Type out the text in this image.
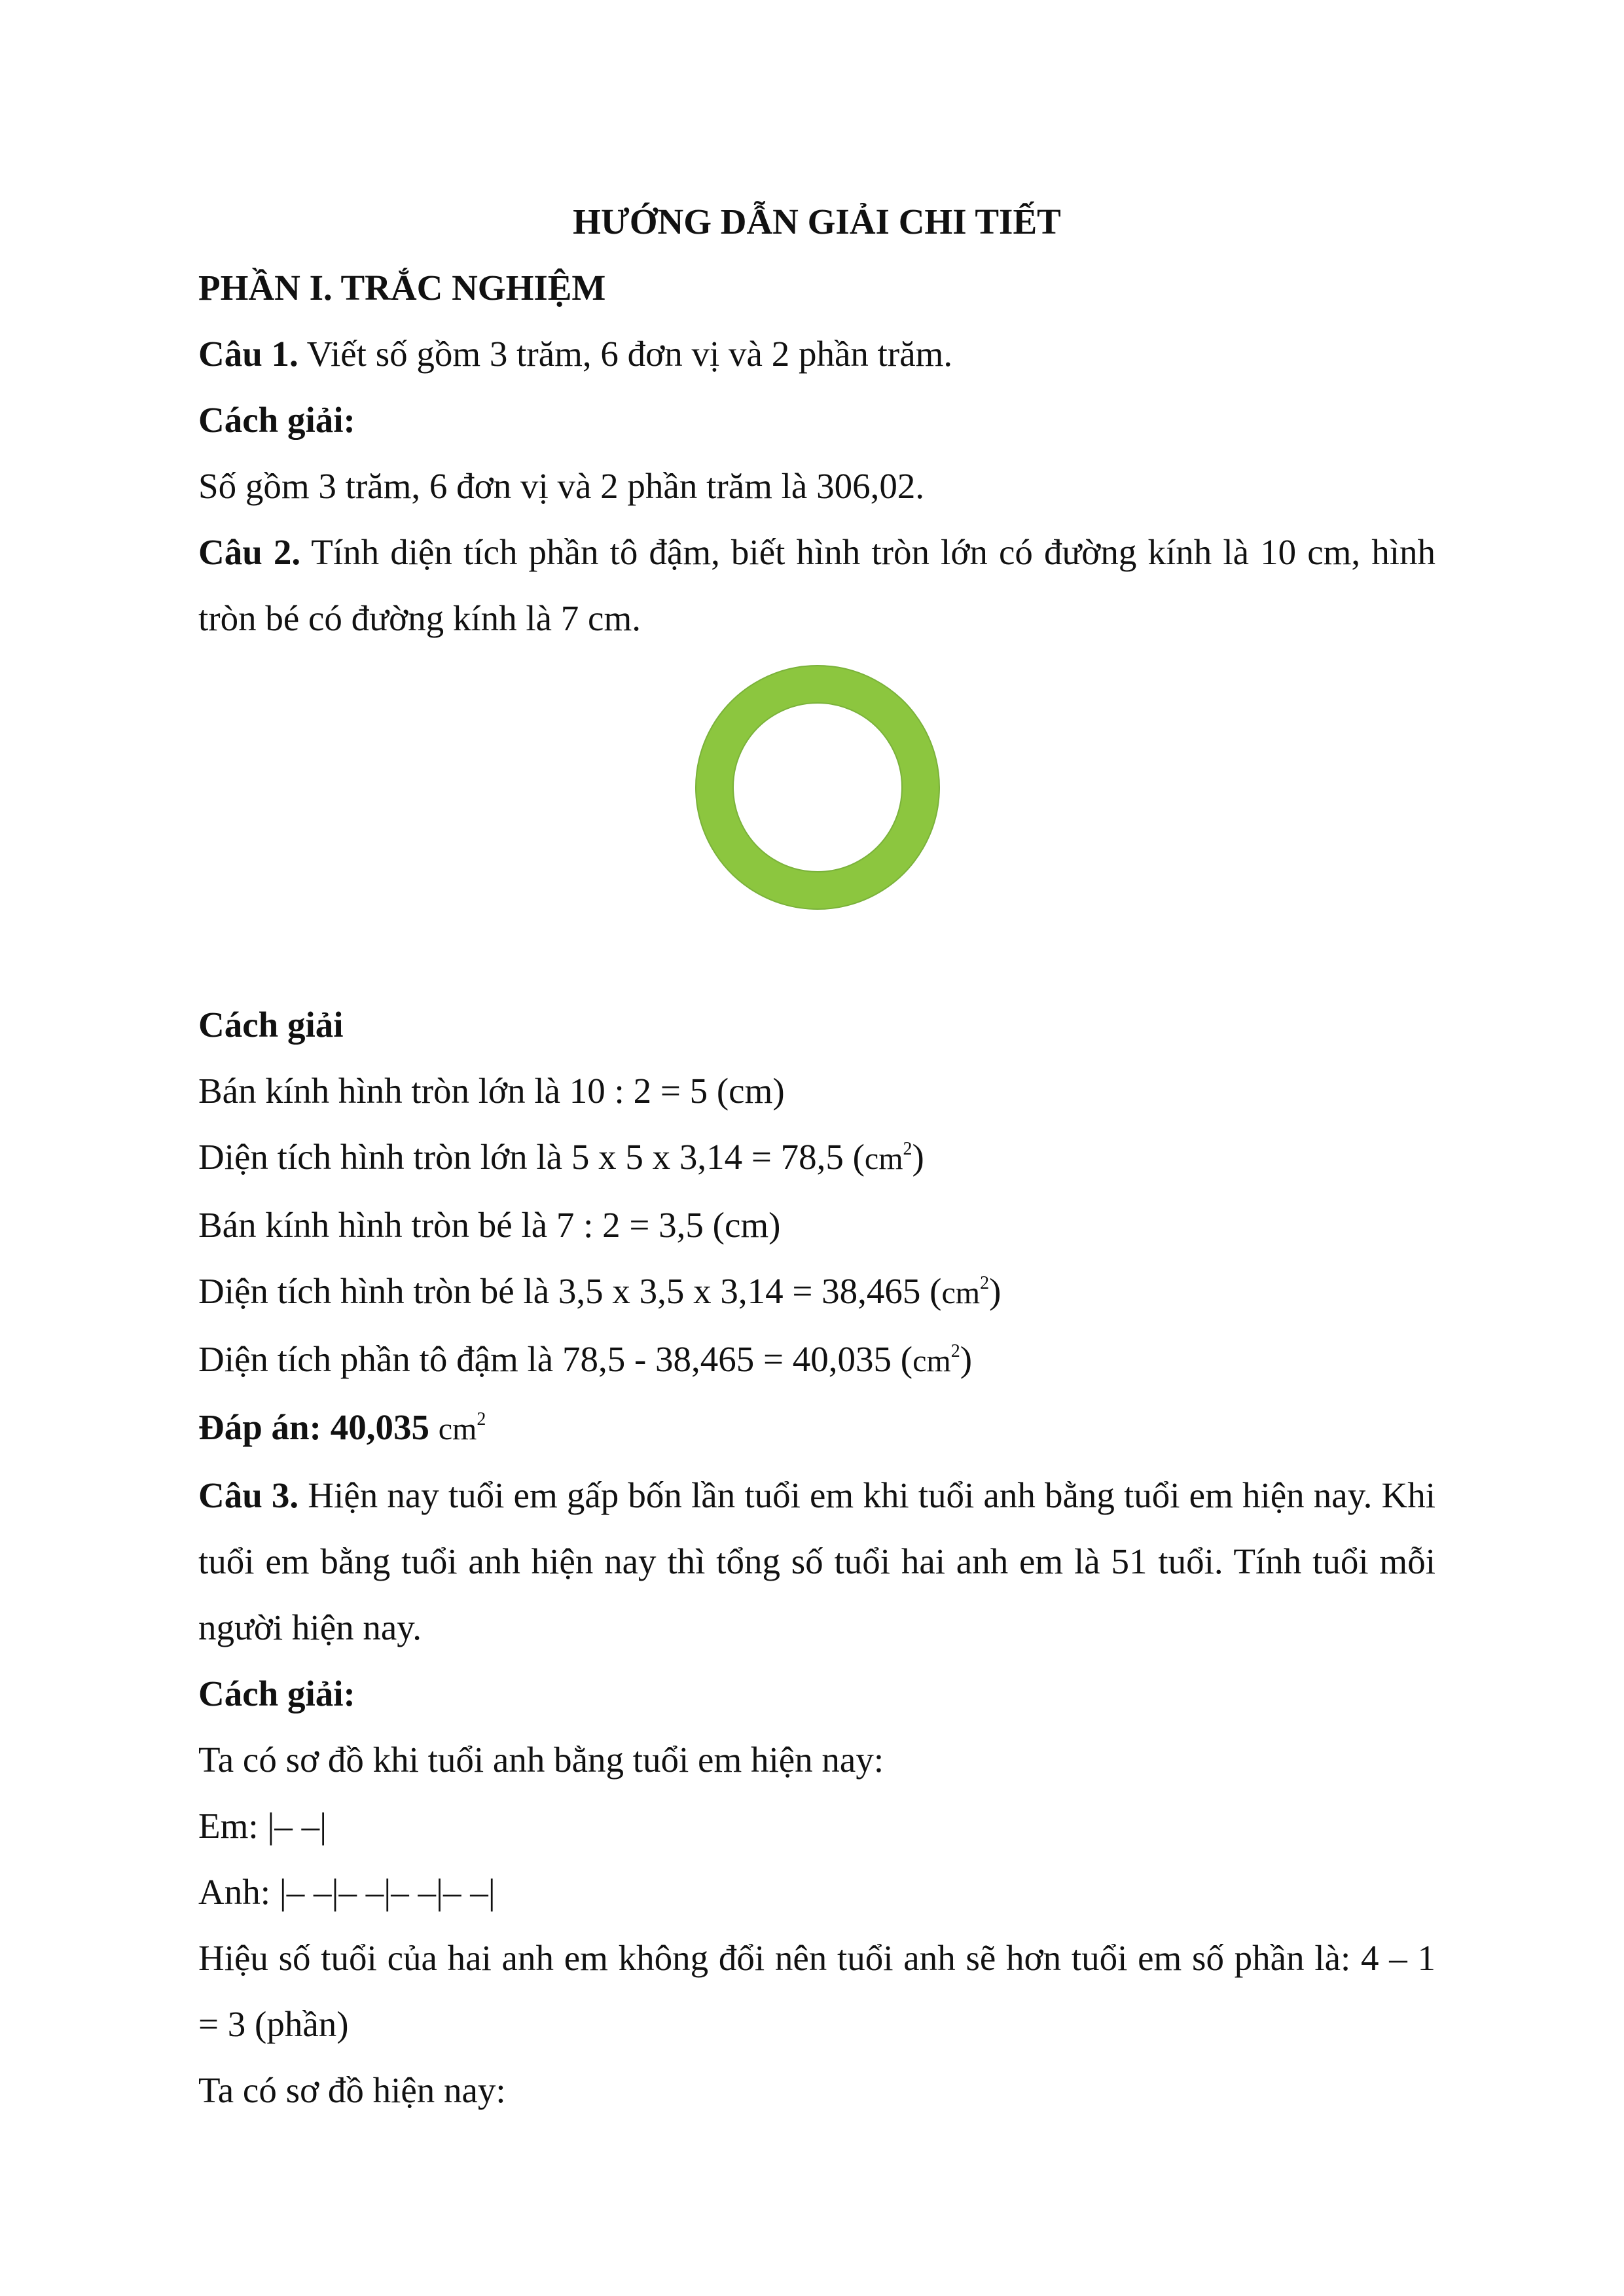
HƯỚNG DẪN GIẢI CHI TIẾT

PHẦN I. TRẮC NGHIỆM

Câu 1. Viết số gồm 3 trăm, 6 đơn vị và 2 phần trăm.

Cách giải:

Số gồm 3 trăm, 6 đơn vị và 2 phần trăm là 306,02.

Câu 2. Tính diện tích phần tô đậm, biết hình tròn lớn có đường kính là 10 cm, hình tròn bé có đường kính là 7 cm.

Cách giải

Bán kính hình tròn lớn là 10 : 2 = 5 (cm)

Diện tích hình tròn lớn là 5 x 5 x 3,14 = 78,5 $(cm^2)$

Bán kính hình tròn bé là 7 : 2 = 3,5 (cm)

Diện tích hình tròn bé là 3,5 x 3,5 x 3,14 = 38,465 $(cm^2)$

Diện tích phần tô đậm là 78,5 - 38,465 = 40,035 $(cm^2)$

Đáp án: 40,035 $cm^2$

Câu 3. Hiện nay tuổi em gấp bốn lần tuổi em khi tuổi anh bằng tuổi em hiện nay. Khi tuổi em bằng tuổi anh hiện nay thì tổng số tuổi hai anh em là 51 tuổi. Tính tuổi mỗi người hiện nay.

Cách giải:

Ta có sơ đồ khi tuổi anh bằng tuổi em hiện nay:

Em: |– –|

Anh: |– –|– –|– –|– –|

Hiệu số tuổi của hai anh em không đổi nên tuổi anh sẽ hơn tuổi em số phần là: 4 – 1 = 3 (phần)

Ta có sơ đồ hiện nay:
